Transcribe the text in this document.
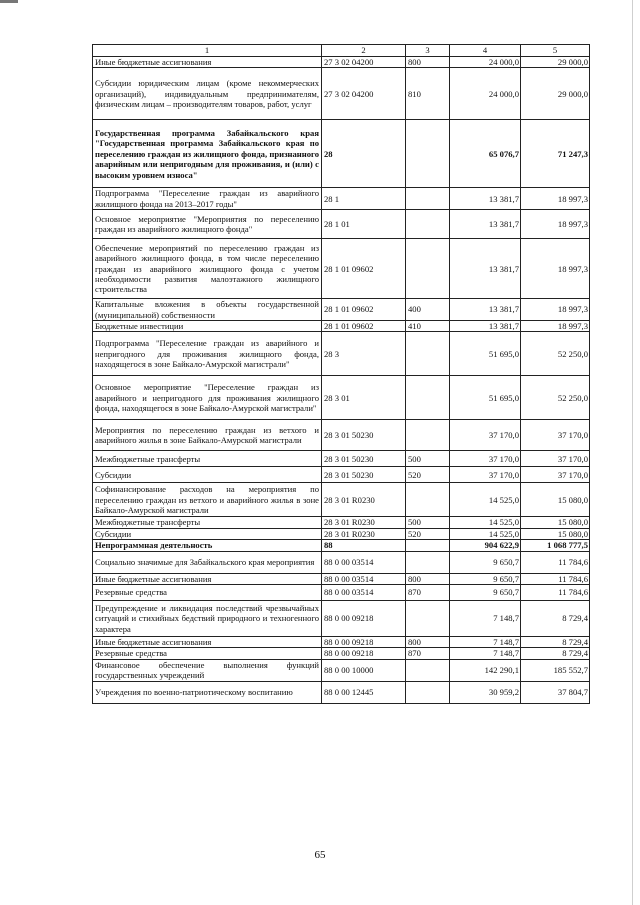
1	2	3	4	5
Иные бюджетные ассигнования	27 3 02 04200	800	24 000,0	29 000,0
Субсидии юридическим лицам (кроме некоммерческих организаций), индивидуальным предпринимателям, физическим лицам – производителям товаров, работ, услуг	27 3 02 04200	810	24 000,0	29 000,0
Государственная программа Забайкальского края "Государственная программа Забайкальского края по переселению граждан из жилищного фонда, признанного аварийным или непригодным для проживания, и (или) с высоким уровнем износа"	28		65 076,7	71 247,3
Подпрограмма "Переселение граждан из аварийного жилищного фонда на 2013–2017 годы"	28 1		13 381,7	18 997,3
Основное мероприятие "Мероприятия по переселению граждан из аварийного жилищного фонда"	28 1 01		13 381,7	18 997,3
Обеспечение мероприятий по переселению граждан из аварийного жилищного фонда, в том числе переселению граждан из аварийного жилищного фонда с учетом необходимости развития малоэтажного жилищного строительства	28 1 01 09602		13 381,7	18 997,3
Капитальные вложения в объекты государственной (муниципальной) собственности	28 1 01 09602	400	13 381,7	18 997,3
Бюджетные инвестиции	28 1 01 09602	410	13 381,7	18 997,3
Подпрограмма "Переселение граждан из аварийного и непригодного для проживания жилищного фонда, находящегося в зоне Байкало-Амурской магистрали"	28 3		51 695,0	52 250,0
Основное мероприятие "Переселение граждан из аварийного и непригодного для проживания жилищного фонда, находящегося в зоне Байкало-Амурской магистрали"	28 3 01		51 695,0	52 250,0
Мероприятия по переселению граждан из ветхого и аварийного жилья в зоне Байкало-Амурской магистрали	28 3 01 50230		37 170,0	37 170,0
Межбюджетные трансферты	28 3 01 50230	500	37 170,0	37 170,0
Субсидии	28 3 01 50230	520	37 170,0	37 170,0
Софинансирование расходов на мероприятия по переселению граждан из ветхого и аварийного жилья в зоне Байкало-Амурской магистрали	28 3 01 R0230		14 525,0	15 080,0
Межбюджетные трансферты	28 3 01 R0230	500	14 525,0	15 080,0
Субсидии	28 3 01 R0230	520	14 525,0	15 080,0
Непрограммная деятельность	88		904 622,9	1 068 777,5
Социально значимые для Забайкальского края мероприятия	88 0 00 03514		9 650,7	11 784,6
Иные бюджетные ассигнования	88 0 00 03514	800	9 650,7	11 784,6
Резервные средства	88 0 00 03514	870	9 650,7	11 784,6
Предупреждение и ликвидация последствий чрезвычайных ситуаций и стихийных бедствий природного и техногенного характера	88 0 00 09218		7 148,7	8 729,4
Иные бюджетные ассигнования	88 0 00 09218	800	7 148,7	8 729,4
Резервные средства	88 0 00 09218	870	7 148,7	8 729,4
Финансовое обеспечение выполнения функций государственных учреждений	88 0 00 10000		142 290,1	185 552,7
Учреждения по военно-патриотическому воспитанию	88 0 00 12445		30 959,2	37 804,7
65
